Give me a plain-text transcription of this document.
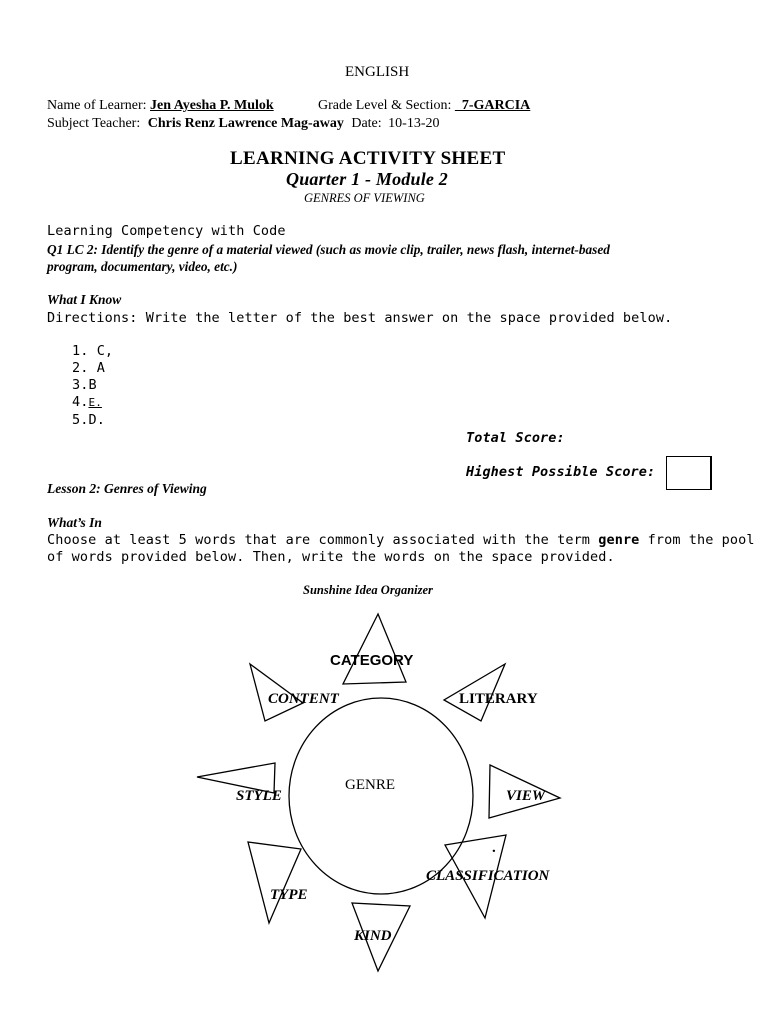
ENGLISH
Name of Learner: Jen Ayesha P. Mulok	Grade Level & Section:   7-GARCIA
Subject Teacher: Chris Renz Lawrence Mag-away Date: 10-13-20
LEARNING ACTIVITY SHEET
Quarter 1 - Module 2
GENRES OF VIEWING
Learning Competency with Code
Q1 LC 2: Identify the genre of a material viewed (such as movie clip, trailer, news flash, internet-based
program, documentary, video, etc.)
What I Know
Directions: Write the letter of the best answer on the space provided below.
1. C,
2. A
3.B
4.E.
5.D.
Total Score:
Highest Possible Score:
Lesson 2: Genres of Viewing
What’s In
Choose at least 5 words that are commonly associated with the term genre from the pool
of words provided below. Then, write the words on the space provided.
Sunshine Idea Organizer
GENRE
CATEGORY
CONTENT	LITERARY
STYLE	VIEW
.
CLASSIFICATION
TYPE
KIND
